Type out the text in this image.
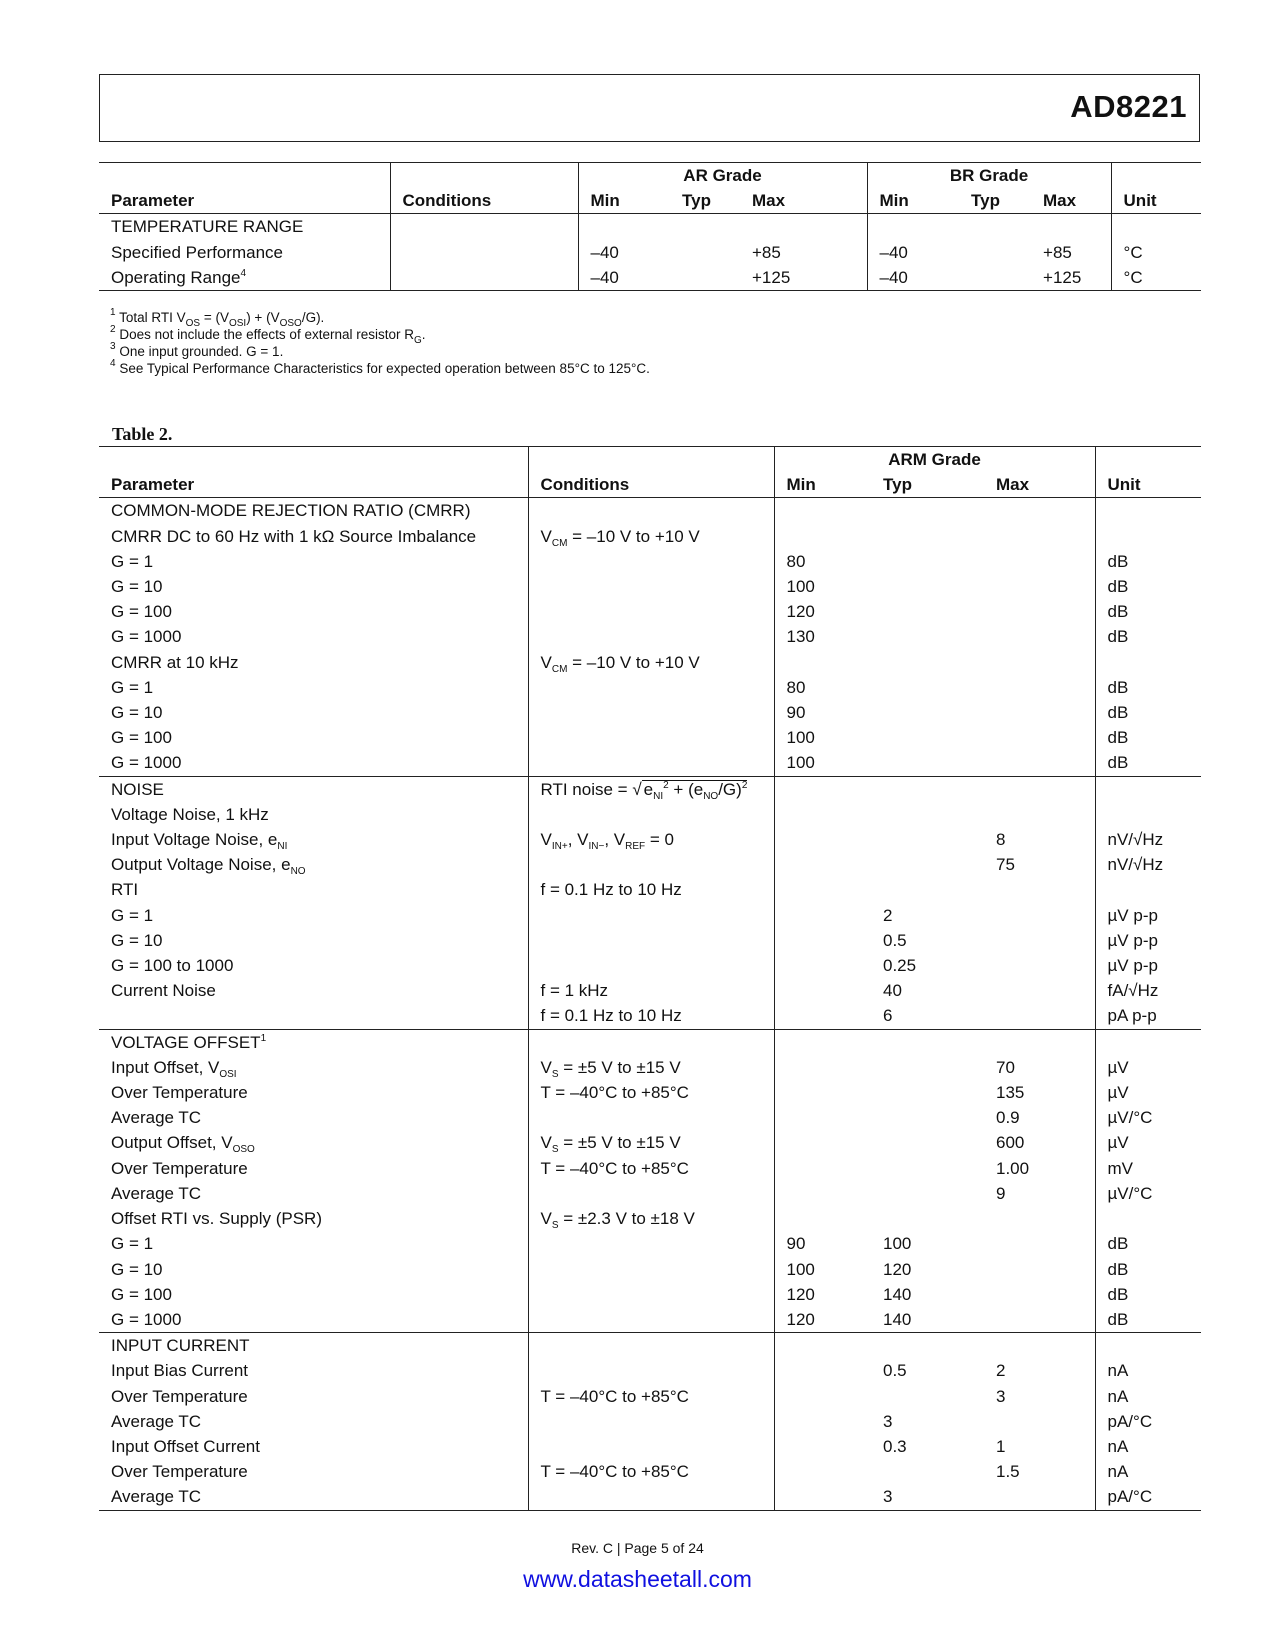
AD8221
		AR Grade			BR Grade			
Parameter	Conditions	Min	Typ	Max	Min	Typ	Max	Unit
TEMPERATURE RANGE								
Specified Performance		–40		+85	–40		+85	°C
Operating Range$^4$		–40		+125	–40		+125	°C
$^1$ Total RTI $V_{OS} = (V_{OSI}) + (V_{OSO}/G)$.
$^2$ Does not include the effects of external resistor $R_G$.
$^3$ One input grounded. G = 1.
$^4$ See Typical Performance Characteristics for expected operation between 85°C to 125°C.
Table 2.
		ARM Grade			
Parameter	Conditions	Min	Typ	Max	Unit
COMMON-MODE REJECTION RATIO (CMRR)					
CMRR DC to 60 Hz with 1 kΩ Source Imbalance	$V_{CM} = -10$ V to +10 V				
G = 1		80			dB
G = 10		100			dB
G = 100		120			dB
G = 1000		130			dB
CMRR at 10 kHz	$V_{CM} = -10$ V to +10 V				
G = 1		80			dB
G = 10		90			dB
G = 100		100			dB
G = 1000		100			dB
NOISE	RTI noise = √ $e_{NI}^2 + (e_{NO}/G)^2$				
Voltage Noise, 1 kHz					
Input Voltage Noise, $e_{NI}$	$V_{IN+}$, $V_{IN-}$, $V_{REF} = 0$			8	nV/√Hz
Output Voltage Noise, $e_{NO}$				75	nV/√Hz
RTI	f = 0.1 Hz to 10 Hz				
G = 1			2		µV p-p
G = 10			0.5		µV p-p
G = 100 to 1000			0.25		µV p-p
Current Noise	f = 1 kHz		40		fA/√Hz
	f = 0.1 Hz to 10 Hz		6		pA p-p
VOLTAGE OFFSET$^1$					
Input Offset, $V_{OSI}$	$V_S = \pm 5$ V to ±15 V			70	µV
Over Temperature	T = –40°C to +85°C			135	µV
Average TC				0.9	µV/°C
Output Offset, $V_{OSO}$	$V_S = \pm 5$ V to ±15 V			600	µV
Over Temperature	T = –40°C to +85°C			1.00	mV
Average TC				9	µV/°C
Offset RTI vs. Supply (PSR)	$V_S = \pm 2.3$ V to ±18 V				
G = 1		90	100		dB
G = 10		100	120		dB
G = 100		120	140		dB
G = 1000		120	140		dB
INPUT CURRENT					
Input Bias Current			0.5	2	nA
Over Temperature	T = –40°C to +85°C			3	nA
Average TC			3		pA/°C
Input Offset Current			0.3	1	nA
Over Temperature	T = –40°C to +85°C			1.5	nA
Average TC			3		pA/°C
Rev. C | Page 5 of 24
www.datasheetall.com
